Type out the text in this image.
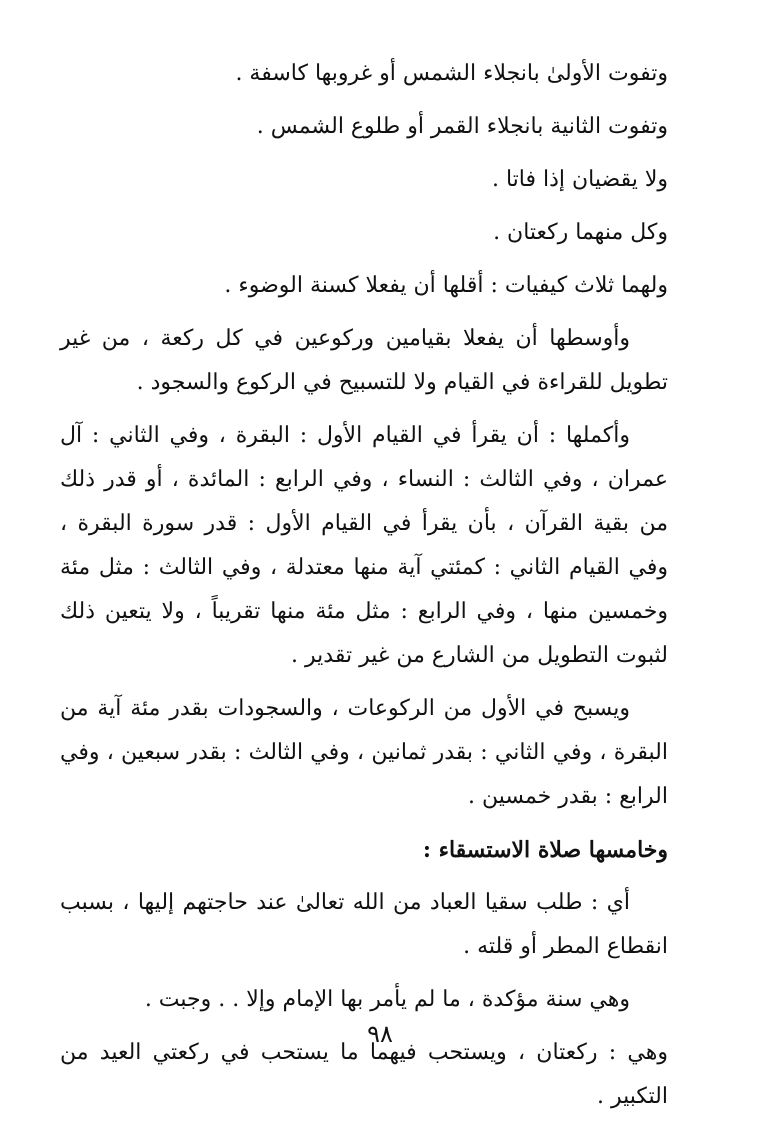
وتفوت الأولىٰ بانجلاء الشمس أو غروبها كاسفة .

وتفوت الثانية بانجلاء القمر أو طلوع الشمس .

ولا يقضيان إذا فاتا .

وكل منهما ركعتان .

ولهما ثلاث كيفيات : أقلها أن يفعلا كسنة الوضوء .

وأوسطها أن يفعلا بقيامين وركوعين في كل ركعة ، من غير تطويل للقراءة في القيام ولا للتسبيح في الركوع والسجود .

وأكملها : أن يقرأ في القيام الأول : البقرة ، وفي الثاني : آل عمران ، وفي الثالث : النساء ، وفي الرابع : المائدة ، أو قدر ذلك من بقية القرآن ، بأن يقرأ في القيام الأول : قدر سورة البقرة ، وفي القيام الثاني : كمئتي آية منها معتدلة ، وفي الثالث : مثل مئة وخمسين منها ، وفي الرابع : مثل مئة منها تقريباً ، ولا يتعين ذلك لثبوت التطويل من الشارع من غير تقدير .

ويسبح في الأول من الركوعات ، والسجودات بقدر مئة آية من البقرة ، وفي الثاني : بقدر ثمانين ، وفي الثالث : بقدر سبعين ، وفي الرابع : بقدر خمسين .

وخامسها صلاة الاستسقاء :

أي : طلب سقيا العباد من الله تعالىٰ عند حاجتهم إليها ، بسبب انقطاع المطر أو قلته .

وهي سنة مؤكدة ، ما لم يأمر بها الإمام وإلا . . وجبت .

وهي : ركعتان ، ويستحب فيهما ما يستحب في ركعتي العيد من التكبير .

٩٨
